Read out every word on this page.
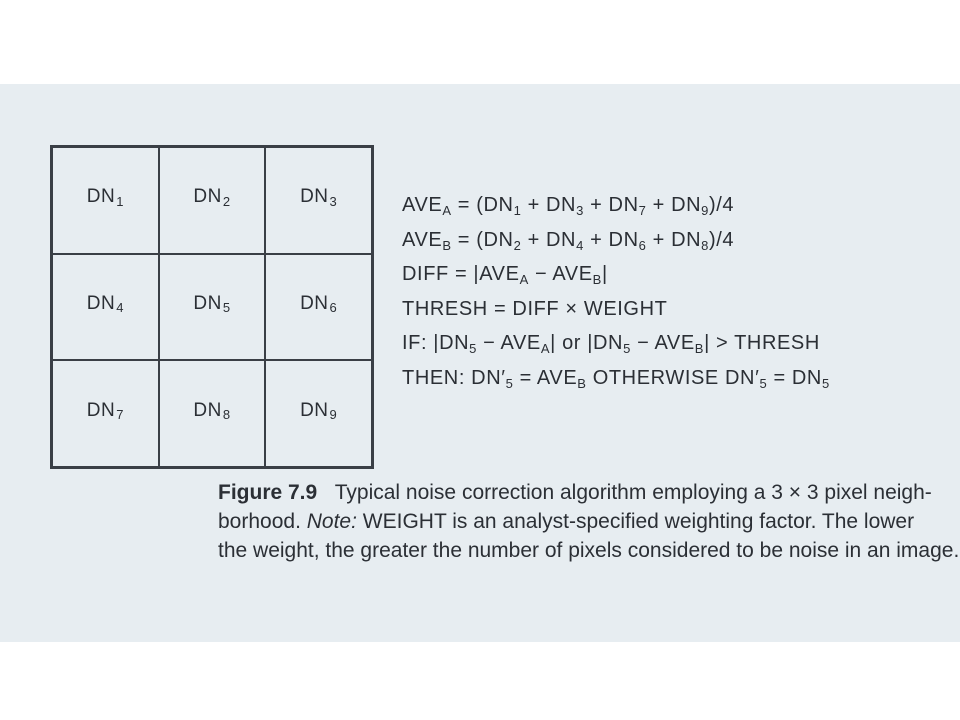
$DN_1$	$DN_2$	$DN_3$
$DN_4$	$DN_5$	$DN_6$
$DN_7$	$DN_8$	$DN_9$
$AVE_A = (DN_1 + DN_3 + DN_7 + DN_9)/4$
$AVE_B = (DN_2 + DN_4 + DN_6 + DN_8)/4$
DIFF = $|AVE_A - AVE_B|$
THRESH = DIFF × WEIGHT
IF: $|DN_5 - AVE_A|$ or $|DN_5 - AVE_B|$ > THRESH
THEN: $DN'_5 = AVE_B$ OTHERWISE $DN'_5 = DN_5$
Figure 7.9 Typical noise correction algorithm employing a 3 × 3 pixel neigh-
borhood. Note: WEIGHT is an analyst-specified weighting factor. The lower
the weight, the greater the number of pixels considered to be noise in an image.
